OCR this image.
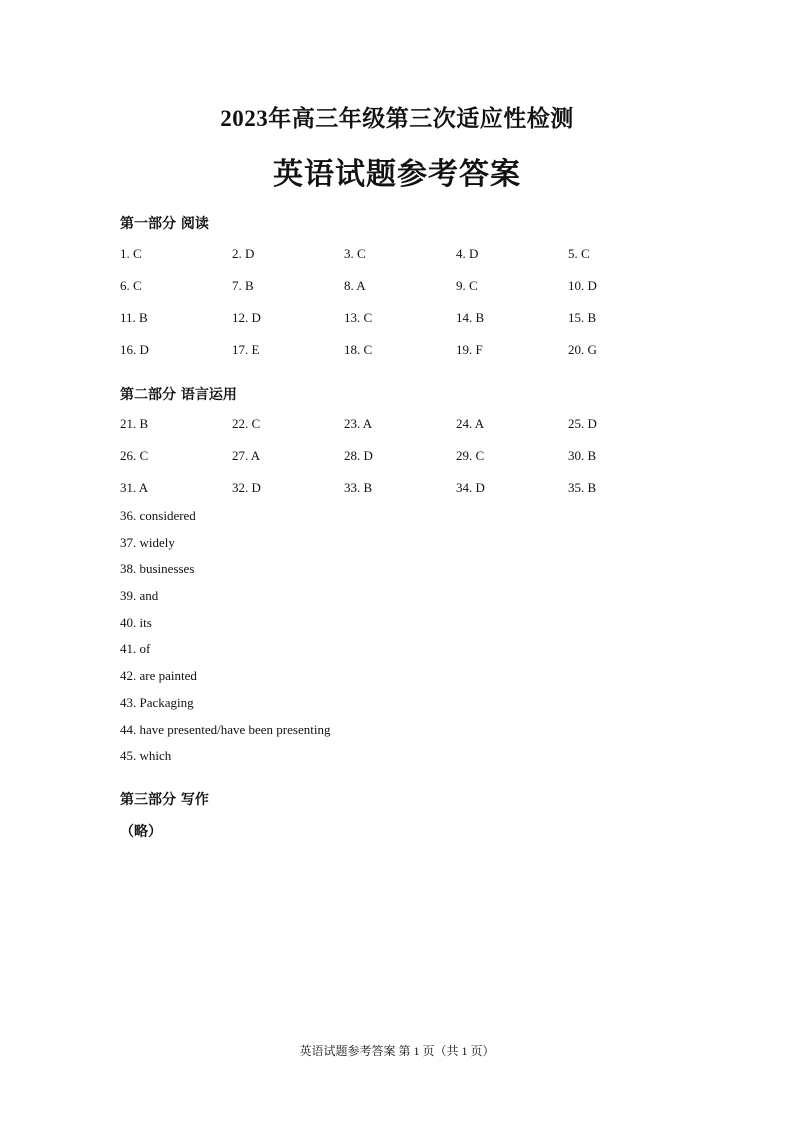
2023年高三年级第三次适应性检测
英语试题参考答案
第一部分 阅读
1. C	2. D	3. C	4. D	5. C
6. C	7. B	8. A	9. C	10. D
11. B	12. D	13. C	14. B	15. B
16. D	17. E	18. C	19. F	20. G
第二部分 语言运用
21. B	22. C	23. A	24. A	25. D
26. C	27. A	28. D	29. C	30. B
31. A	32. D	33. B	34. D	35. B
36. considered
37. widely
38. businesses
39. and
40. its
41. of
42. are painted
43. Packaging
44. have presented/have been presenting
45. which
第三部分 写作
（略）
英语试题参考答案 第 1 页（共 1 页）
